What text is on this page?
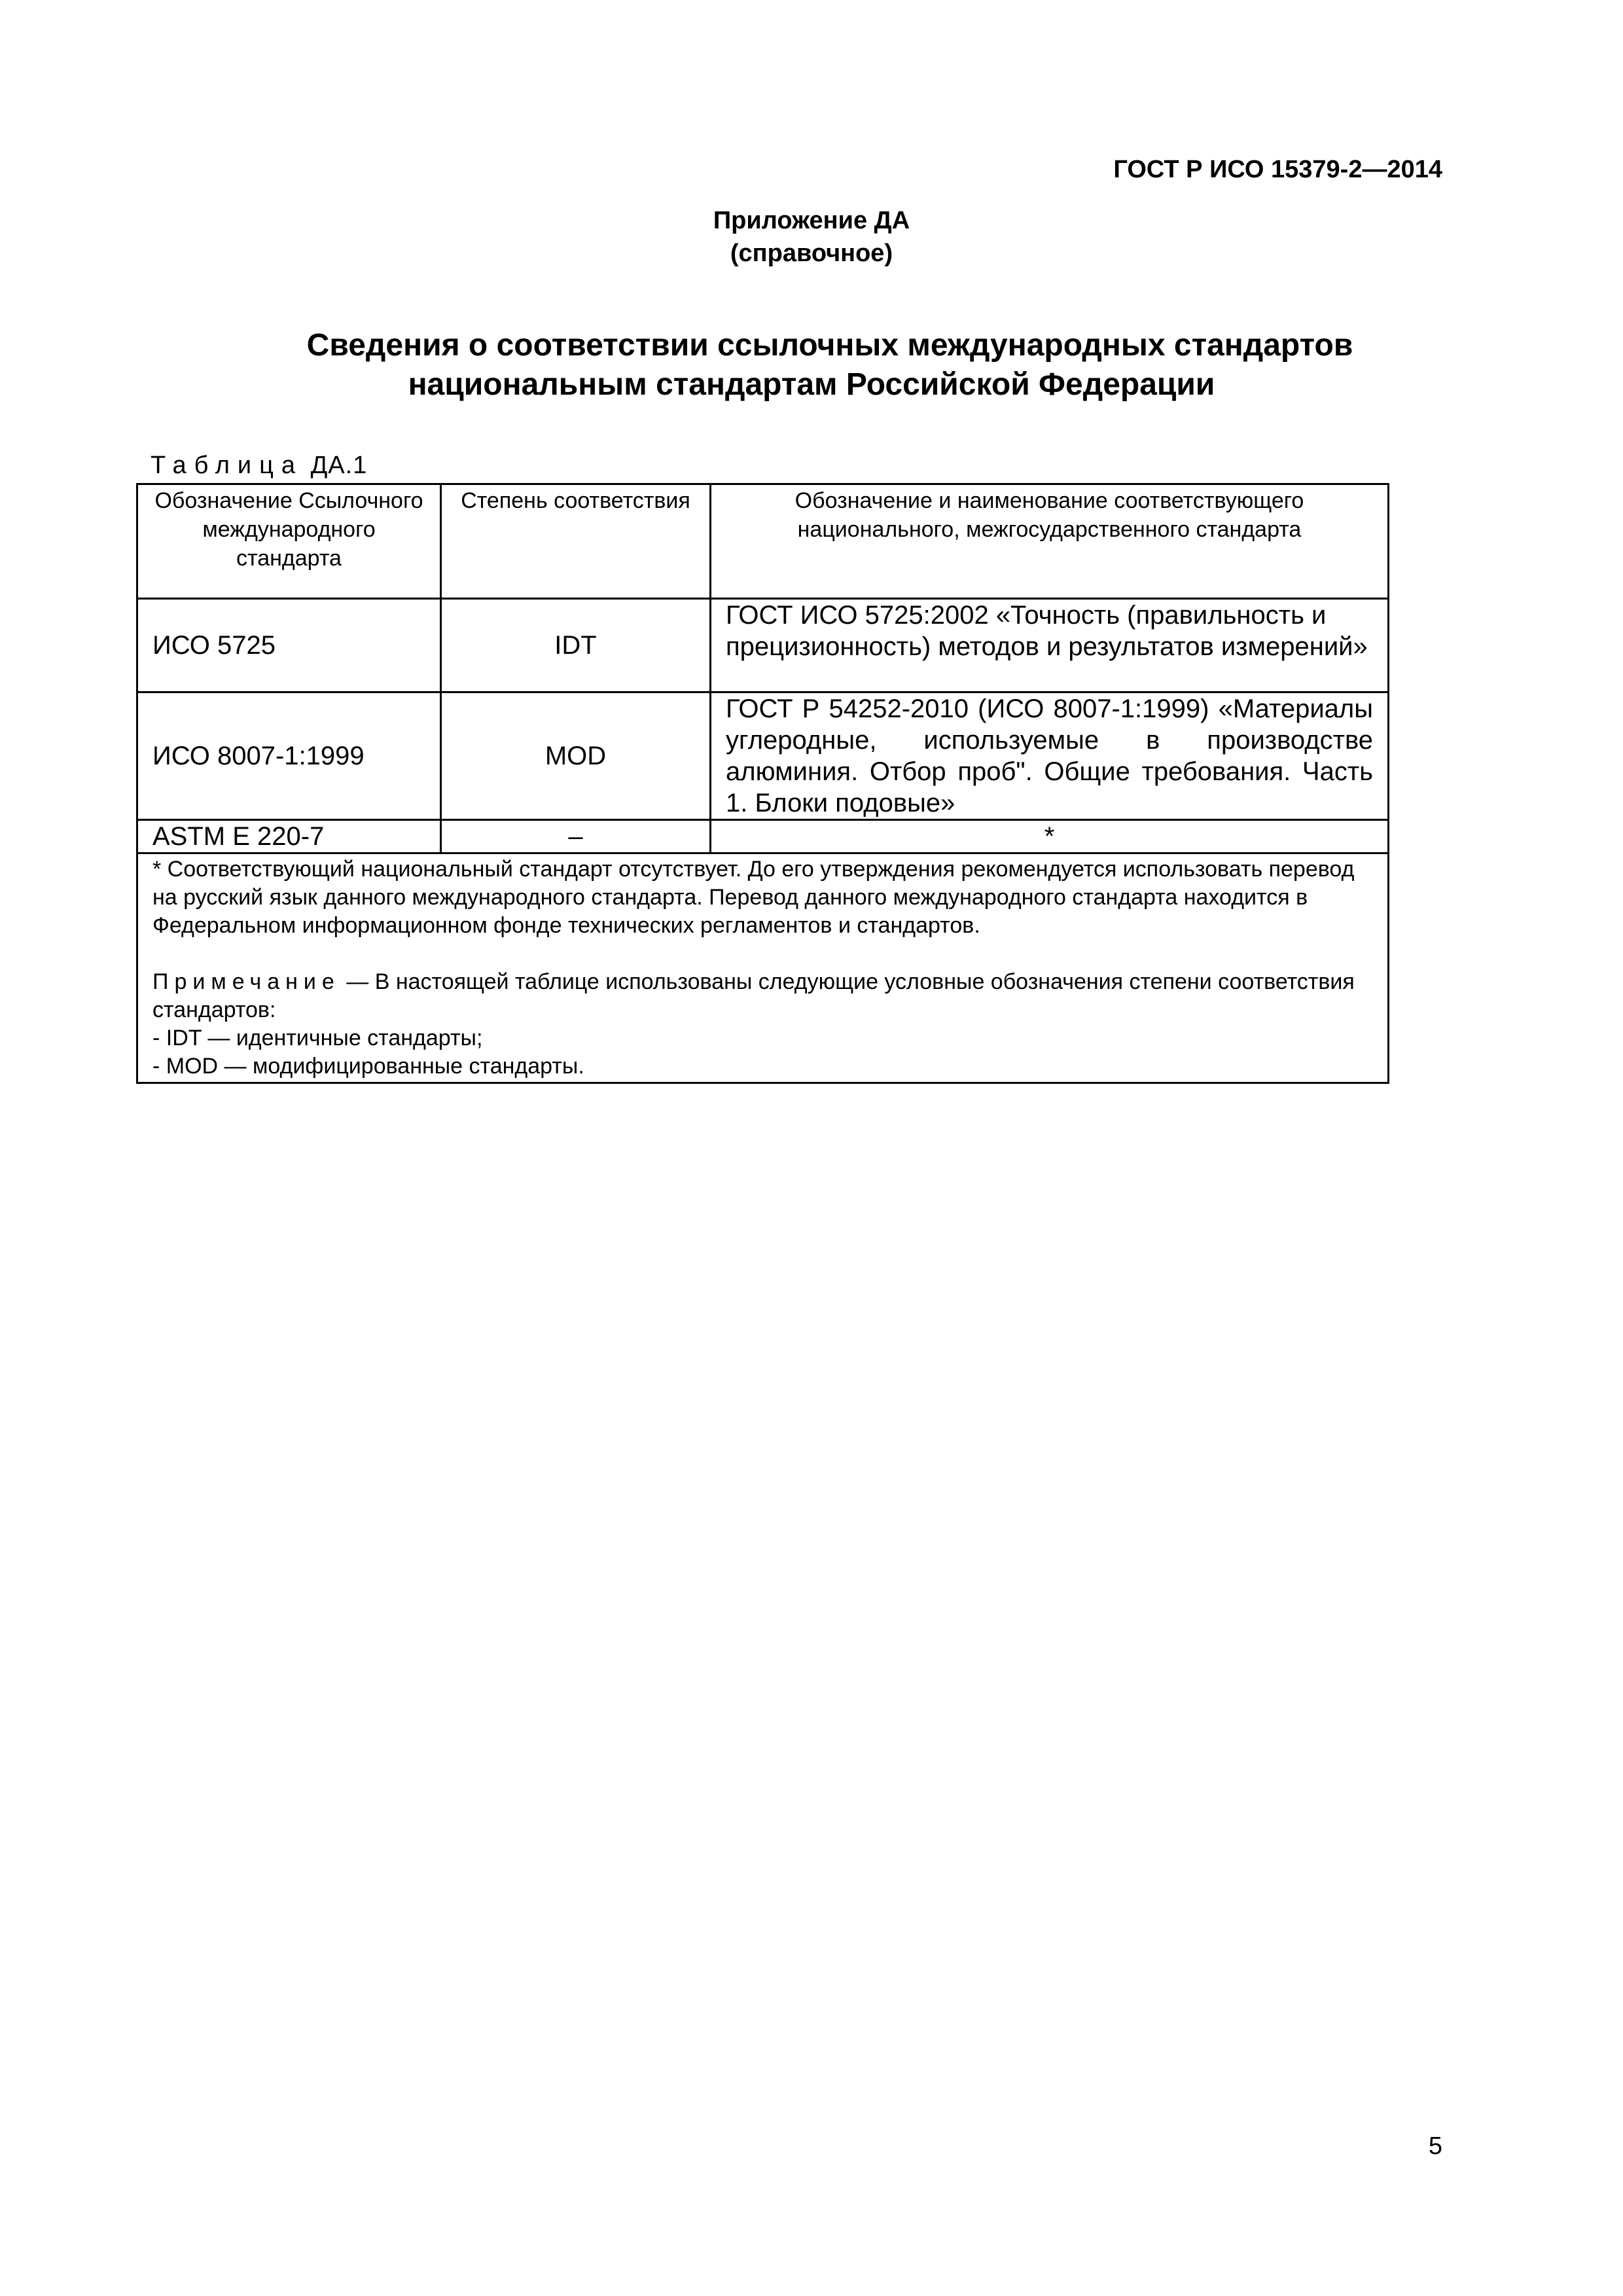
ГОСТ Р ИСО 15379-2—2014
Приложение ДА
(справочное)
Сведения о соответствии ссылочных международных стандартов
национальным стандартам Российской Федерации
Таблица ДА.1
Обозначение Ссылочного международного стандарта	Степень соответствия	Обозначение и наименование соответствующего национального, межгосударственного стандарта
ИСО 5725	IDT	ГОСТ ИСО 5725:2002 «Точность (правильность и прецизионность) методов и результатов измерений»
ИСО 8007-1:1999	MOD	ГОСТ Р 54252-2010 (ИСО 8007-1:1999) «Материалы углеродные, используемые в производстве алюминия. Отбор проб". Общие требования. Часть 1. Блоки подовые»
ASTM E 220-7	–	*

* Соответствующий национальный стандарт отсутствует. До его утверждения рекомендуется использовать перевод на русский язык данного международного стандарта. Перевод данного международного стандарта находится в Федеральном информационном фонде технических регламентов и стандартов.

Примечание — В настоящей таблице использованы следующие условные обозначения степени соответствия стандартов:

- IDT — идентичные стандарты;

- MOD — модифицированные стандарты.		

5
